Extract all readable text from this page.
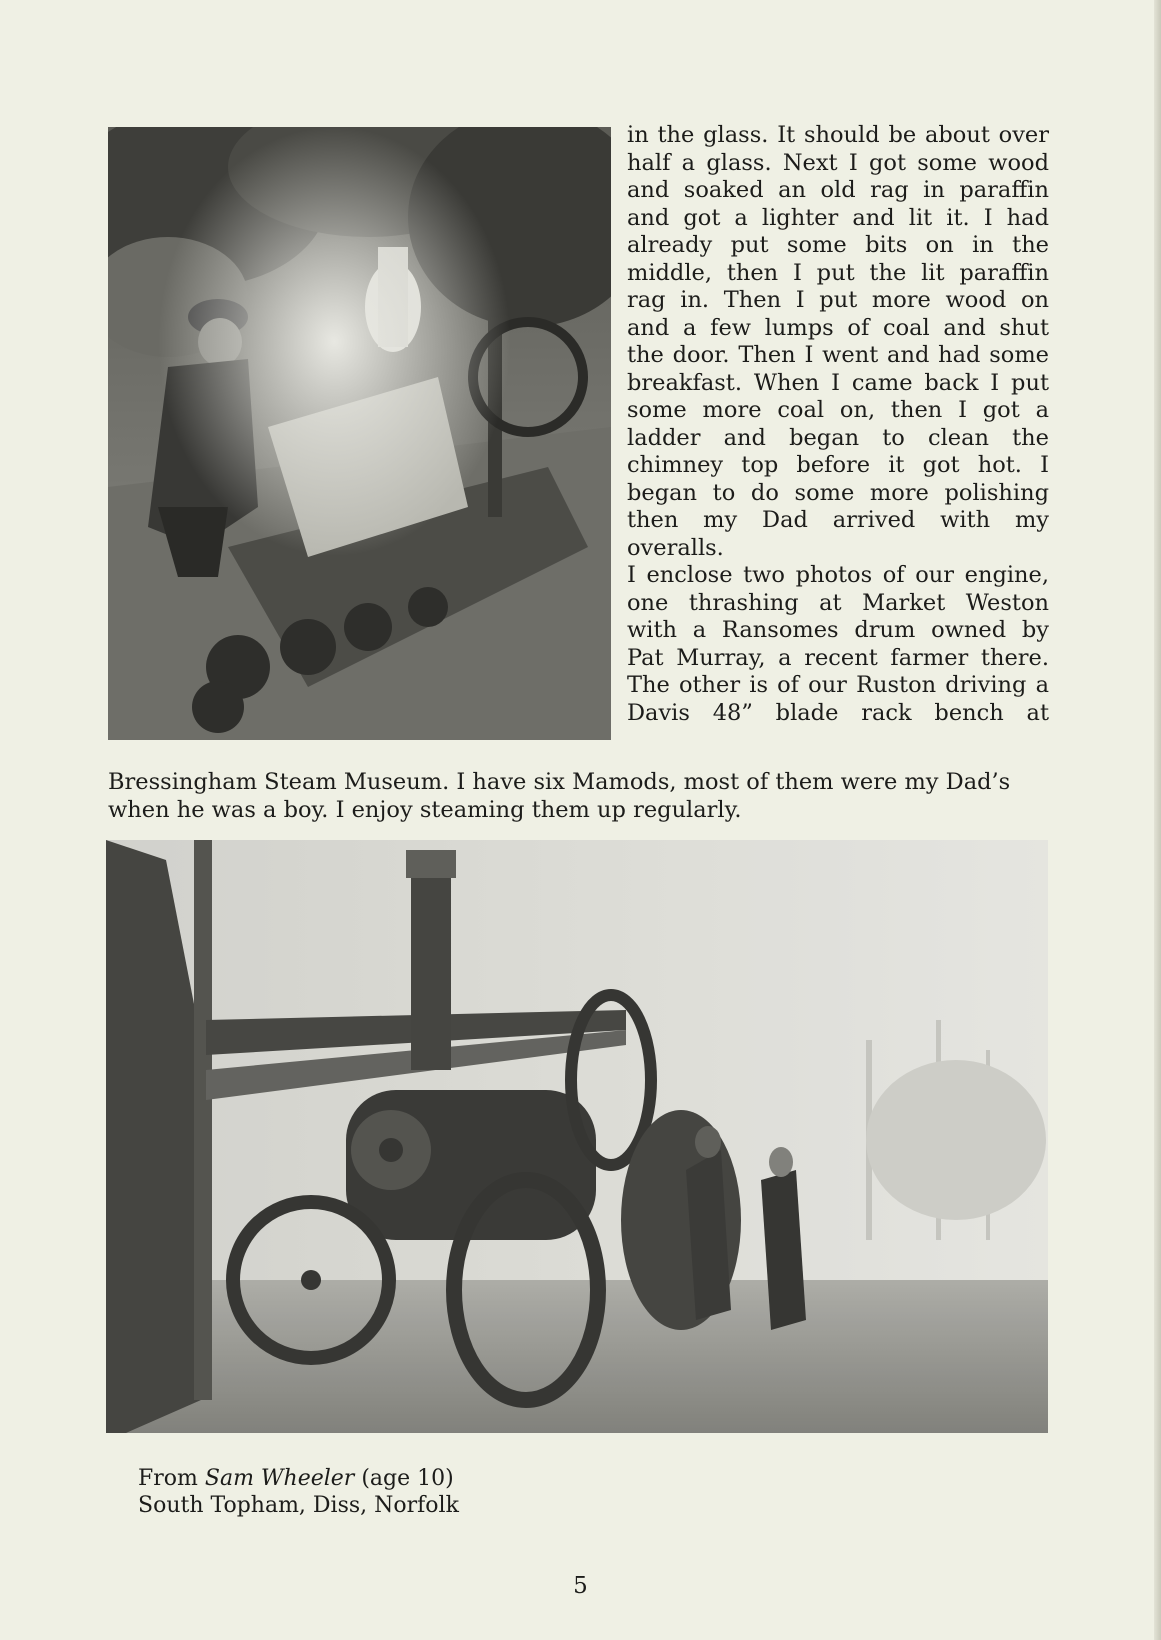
in the glass. It should be about over
half a glass. Next I got some wood
and soaked an old rag in paraffin
and got a lighter and lit it. I had
already put some bits on in the
middle, then I put the lit paraffin
rag in. Then I put more wood on
and a few lumps of coal and shut
the door. Then I went and had some
breakfast. When I came back I put
some more coal on, then I got a
ladder and began to clean the
chimney top before it got hot. I
began to do some more polishing
then my Dad arrived with my
overalls.
I enclose two photos of our engine,
one thrashing at Market Weston
with a Ransomes drum owned by
Pat Murray, a recent farmer there.
The other is of our Ruston driving a
Davis 48” blade rack bench at
Bressingham Steam Museum. I have six Mamods, most of them were my Dad’s
when he was a boy. I enjoy steaming them up regularly.
From Sam Wheeler (age 10)
South Topham, Diss, Norfolk
5
